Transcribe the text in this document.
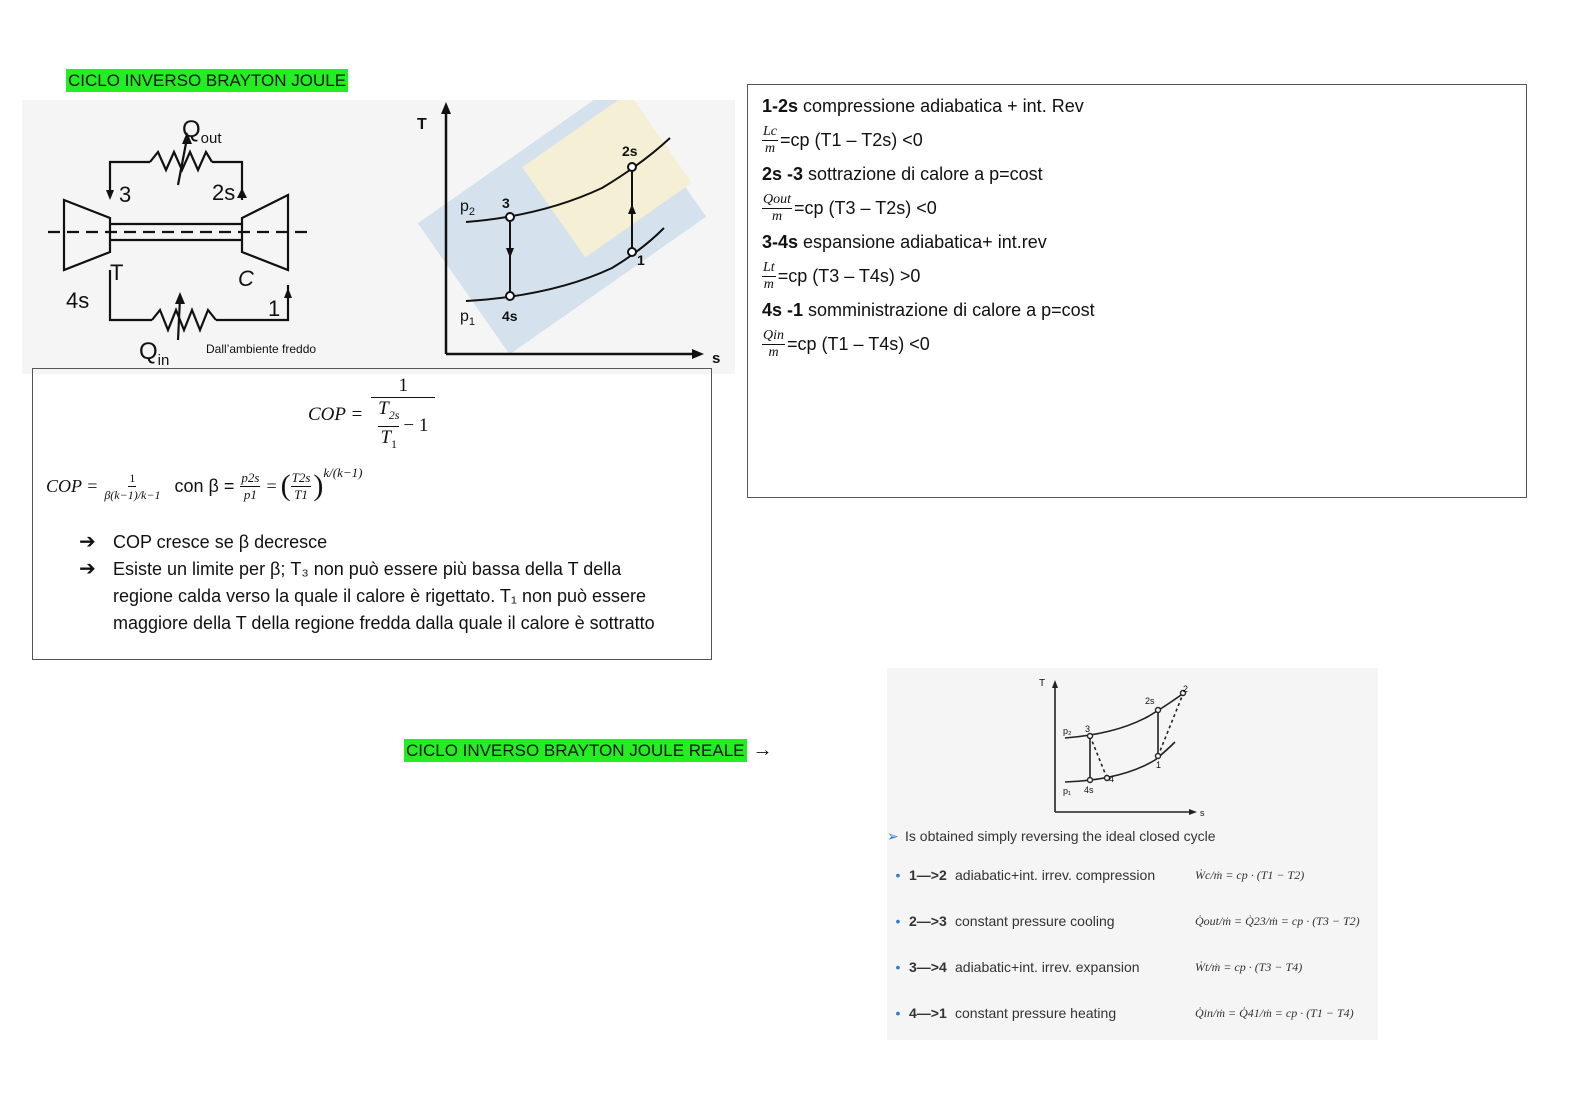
CICLO INVERSO BRAYTON JOULE
$Q_{out}$
$Q_{in}$
3	2s
4s	1
T	C
Dall’ambiente freddo
T
s
$p_2$
$p_1$
3
2s
1
4s
COP = 1
$T_{2s}$
$T_1$
− 1
COP = $\frac{1}{\beta(k-1)/k-1}$ con $\beta = \frac{p2s}{p1}$ = ( $\frac{T2s}{T1}$ ) k/(k−1)
➔ COP cresce se β decresce
➔ Esiste un limite per β; T₃ non può essere più bassa della T della
regione calda verso la quale il calore è rigettato. T₁ non può essere
maggiore della T della regione fredda dalla quale il calore è sottratto
1-2s compressione adiabatica + int. Rev
$\frac{Lc}{m} =cp$ (T1 – T2s) <0
2s -3 sottrazione di calore a p=cost
$\frac{\text{Qout}}{m} =cp$ (T3 – T2s) <0
3-4s espansione adiabatica+ int.rev
$\frac{Lt}{m} =cp$ (T3 – T4s) >0
4s -1 somministrazione di calore a p=cost
$\frac{\text{Qin}}{m} =cp$ (T1 – T4s) <0
CICLO INVERSO BRAYTON JOULE REALE →
T
s
p₂
p₁
3
2s
2
1
4s
4
➢ Is obtained simply reversing the ideal closed cycle
• 1—>2 adiabatic+int. irrev. compression	Ẇc/ṁ = cp · (T1 − T2)
• 2—>3 constant pressure cooling	Q̇out/ṁ = Q̇23/ṁ = cp · (T3 − T2)
• 3—>4 adiabatic+int. irrev. expansion	Ẇt/ṁ = cp · (T3 − T4)
• 4—>1 constant pressure heating	Q̇in/ṁ = Q̇41/ṁ = cp · (T1 − T4)
